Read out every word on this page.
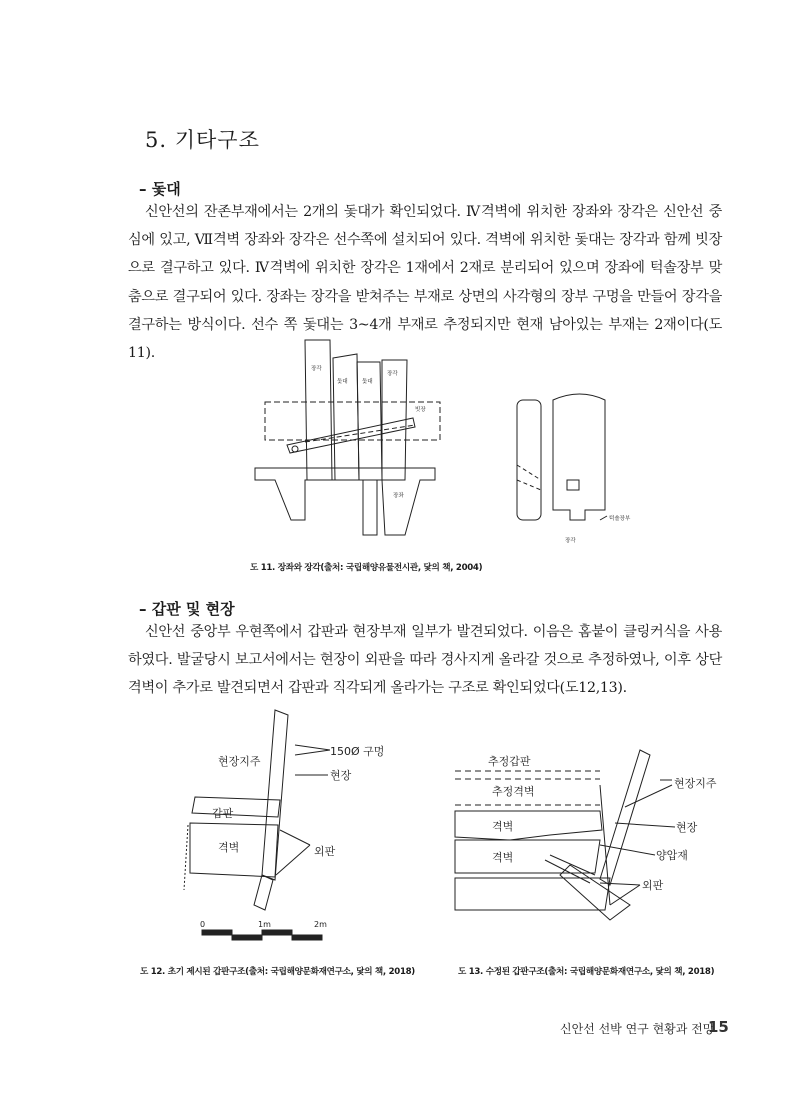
5. 기타구조
– 돛대
신안선의 잔존부재에서는 2개의 돛대가 확인되었다. Ⅳ격벽에 위치한 장좌와 장각은 신안선 중심에 있고, Ⅶ격벽 장좌와 장각은 선수쪽에 설치되어 있다. 격벽에 위치한 돛대는 장각과 함께 빗장으로 결구하고 있다. Ⅳ격벽에 위치한 장각은 1재에서 2재로 분리되어 있으며 장좌에 턱솔장부 맞춤으로 결구되어 있다. 장좌는 장각을 받쳐주는 부재로 상면의 사각형의 장부 구멍을 만들어 장각을 결구하는 방식이다. 선수 쪽 돛대는 3~4개 부재로 추정되지만 현재 남아있는 부재는 2재이다(도11).
장각
돛대	돛대
장각
빗장
장좌
장각
턱솔장부
도 11. 장좌와 장각(출처: 국립해양유물전시관, 닻의 책, 2004)
– 갑판 및 현장
신안선 중앙부 우현쪽에서 갑판과 현장부재 일부가 발견되었다. 이음은 홈붙이 클링커식을 사용하였다. 발굴당시 보고서에서는 현장이 외판을 따라 경사지게 올라갈 것으로 추정하였나, 이후 상단 격벽이 추가로 발견되면서 갑판과 직각되게 올라가는 구조로 확인되었다(도12,13).
현장지주
150Ø 구멍
현장
갑판
격벽	외판
0	1m	2m
도 12. 초기 제시된 갑판구조(출처: 국립해양문화재연구소, 닻의 책, 2018)
추정갑판
추정격벽
격벽
격벽
현장지주
현장
양압재
외판
도 13. 수정된 갑판구조(출처: 국립해양문화재연구소, 닻의 책, 2018)
신안선 선박 연구 현황과 전망
15
